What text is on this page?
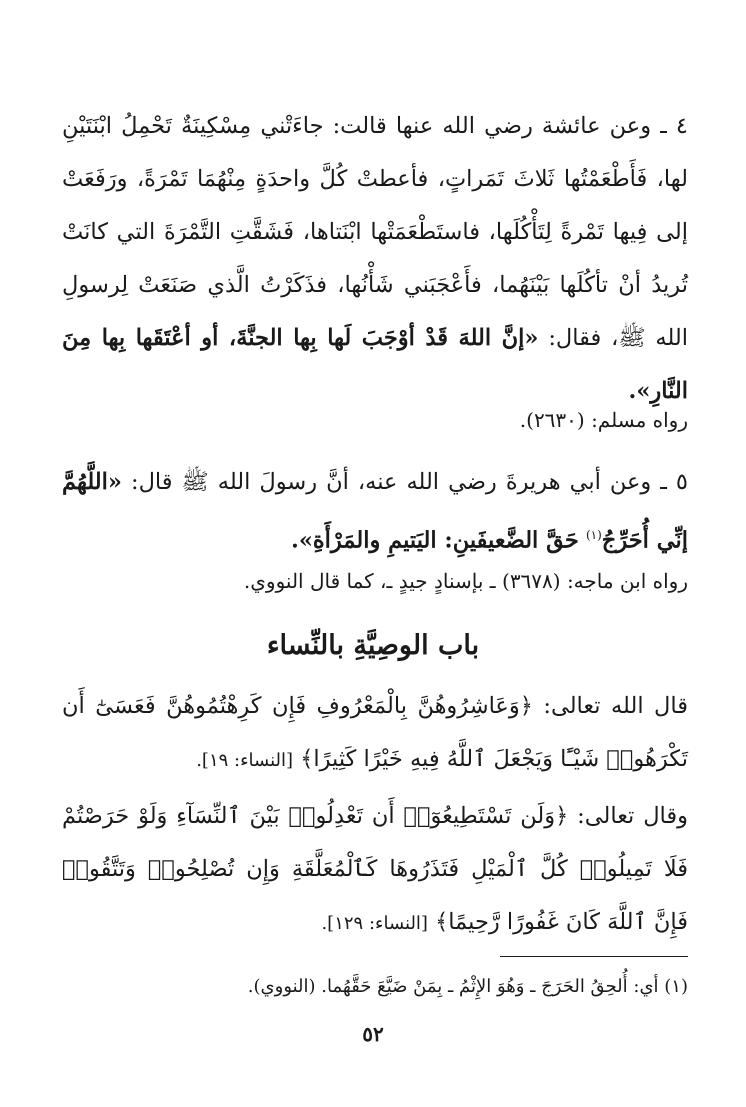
٤ ـ وعن عائشة رضي الله عنها قالت: جاءَتْني مِسْكِينَةٌ تَحْمِلُ ابْنَتَيْنِ لها، فَأَطْعَمْتُها ثَلاثَ تَمَراتٍ، فأعطتْ كُلَّ واحدَةٍ مِنْهُمَا تَمْرَةً، ورَفَعَتْ إلى فِيها تَمْرةً لِتَأْكُلَها، فاستَطْعَمَتْها ابْنَتاها، فَشَقَّتِ التَّمْرَةَ التي كانَتْ تُريدُ أنْ تأكُلَها بَيْنَهُما، فأَعْجَبَني شَأْنُها، فذَكَرْتُ الَّذي صَنَعَتْ لِرسولِ الله ﷺ، فقال: «إنَّ اللهَ قَدْ أوْجَبَ لَها بِها الجنَّةَ، أو أعْتَقَها بِها مِنَ النَّارِ».

رواه مسلم: (٢٦٣٠).

٥ ـ وعن أبي هريرةَ رضي الله عنه، أنَّ رسولَ الله ﷺ قال: «اللَّهُمَّ إنِّي أُحَرِّجُ$^{(١)}$ حَقَّ الضَّعيفَينِ: اليَتيمِ والمَرْأَةِ».

رواه ابن ماجه: (٣٦٧٨) ـ بإسنادٍ جيدٍ ـ، كما قال النووي.
باب الوصِيَّةِ بالنِّساء

قال الله تعالى: ﴿وَعَاشِرُوهُنَّ بِالْمَعْرُوفِ فَإِن كَرِهْتُمُوهُنَّ فَعَسَىٰٓ أَن تَكْرَهُوا۟ شَيْـًٔا وَيَجْعَلَ ٱللَّهُ فِيهِ خَيْرًا كَثِيرًا﴾ [النساء: ١٩].

وقال تعالى: ﴿وَلَن تَسْتَطِيعُوٓا۟ أَن تَعْدِلُوا۟ بَيْنَ ٱلنِّسَآءِ وَلَوْ حَرَصْتُمْ فَلَا تَمِيلُوا۟ كُلَّ ٱلْمَيْلِ فَتَذَرُوهَا كَٱلْمُعَلَّقَةِ وَإِن تُصْلِحُوا۟ وَتَتَّقُوا۟ فَإِنَّ ٱللَّهَ كَانَ غَفُورًا رَّحِيمًا﴾ [النساء: ١٢٩].

(١) أي: أُلحِقُ الحَرَجَ ـ وَهُوَ الإِثْمُ ـ بِمَنْ ضَيَّعَ حَقَّهُما. (النووي).
٥٢
